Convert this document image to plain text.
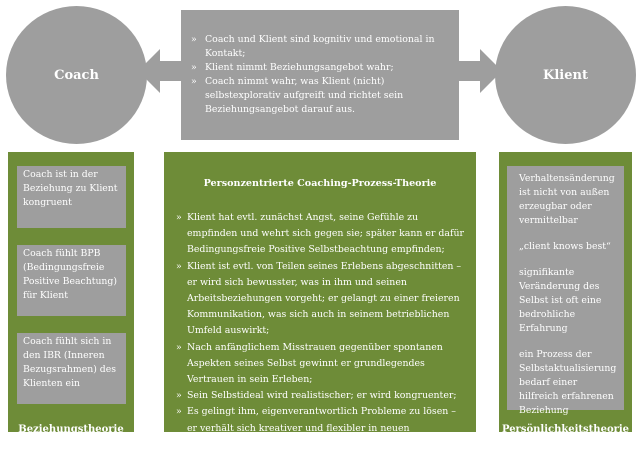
Coach
» Coach und Klient sind kognitiv und emotional in Kontakt;
» Klient nimmt Beziehungsangebot wahr;
» Coach nimmt wahr, was Klient (nicht) selbstexplorativ aufgreift und richtet sein Beziehungsangebot darauf aus.
Klient
Coach ist in der Beziehung zu Klient kongruent
Coach fühlt BPB (Bedingungsfreie Positive Beachtung) für Klient
Coach fühlt sich in den IBR (Inneren Bezugsrahmen) des Klienten ein
Beziehungstheorie
Personzentrierte Coaching-Prozess-Theorie
» Klient hat evtl. zunächst Angst, seine Gefühle zu empfinden und wehrt sich gegen sie; später kann er dafür Bedingungsfreie Positive Selbstbeachtung empfinden;
» Klient ist evtl. von Teilen seines Erlebens abgeschnitten – er wird sich bewusster, was in ihm und seinen Arbeitsbeziehungen vorgeht; er gelangt zu einer freieren Kommunikation, was sich auch in seinem betrieblichen Umfeld auswirkt;
» Nach anfänglichem Misstrauen gegenüber spontanen Aspekten seines Selbst gewinnt er grundlegendes Vertrauen in sein Erleben;
» Sein Selbstideal wird realistischer; er wird kongruenter;
» Es gelingt ihm, eigenverantwortlich Probleme zu lösen – er verhält sich kreativer und flexibler in neuen Situationen.

Verhaltensänderung ist nicht von außen erzeugbar oder vermittelbar

„client knows best“

signifikante Veränderung des Selbst ist oft eine bedrohliche Erfahrung

ein Prozess der Selbstaktualisierung bedarf einer hilfreich erfahrenen Beziehung

Persönlichkeitstheorie
